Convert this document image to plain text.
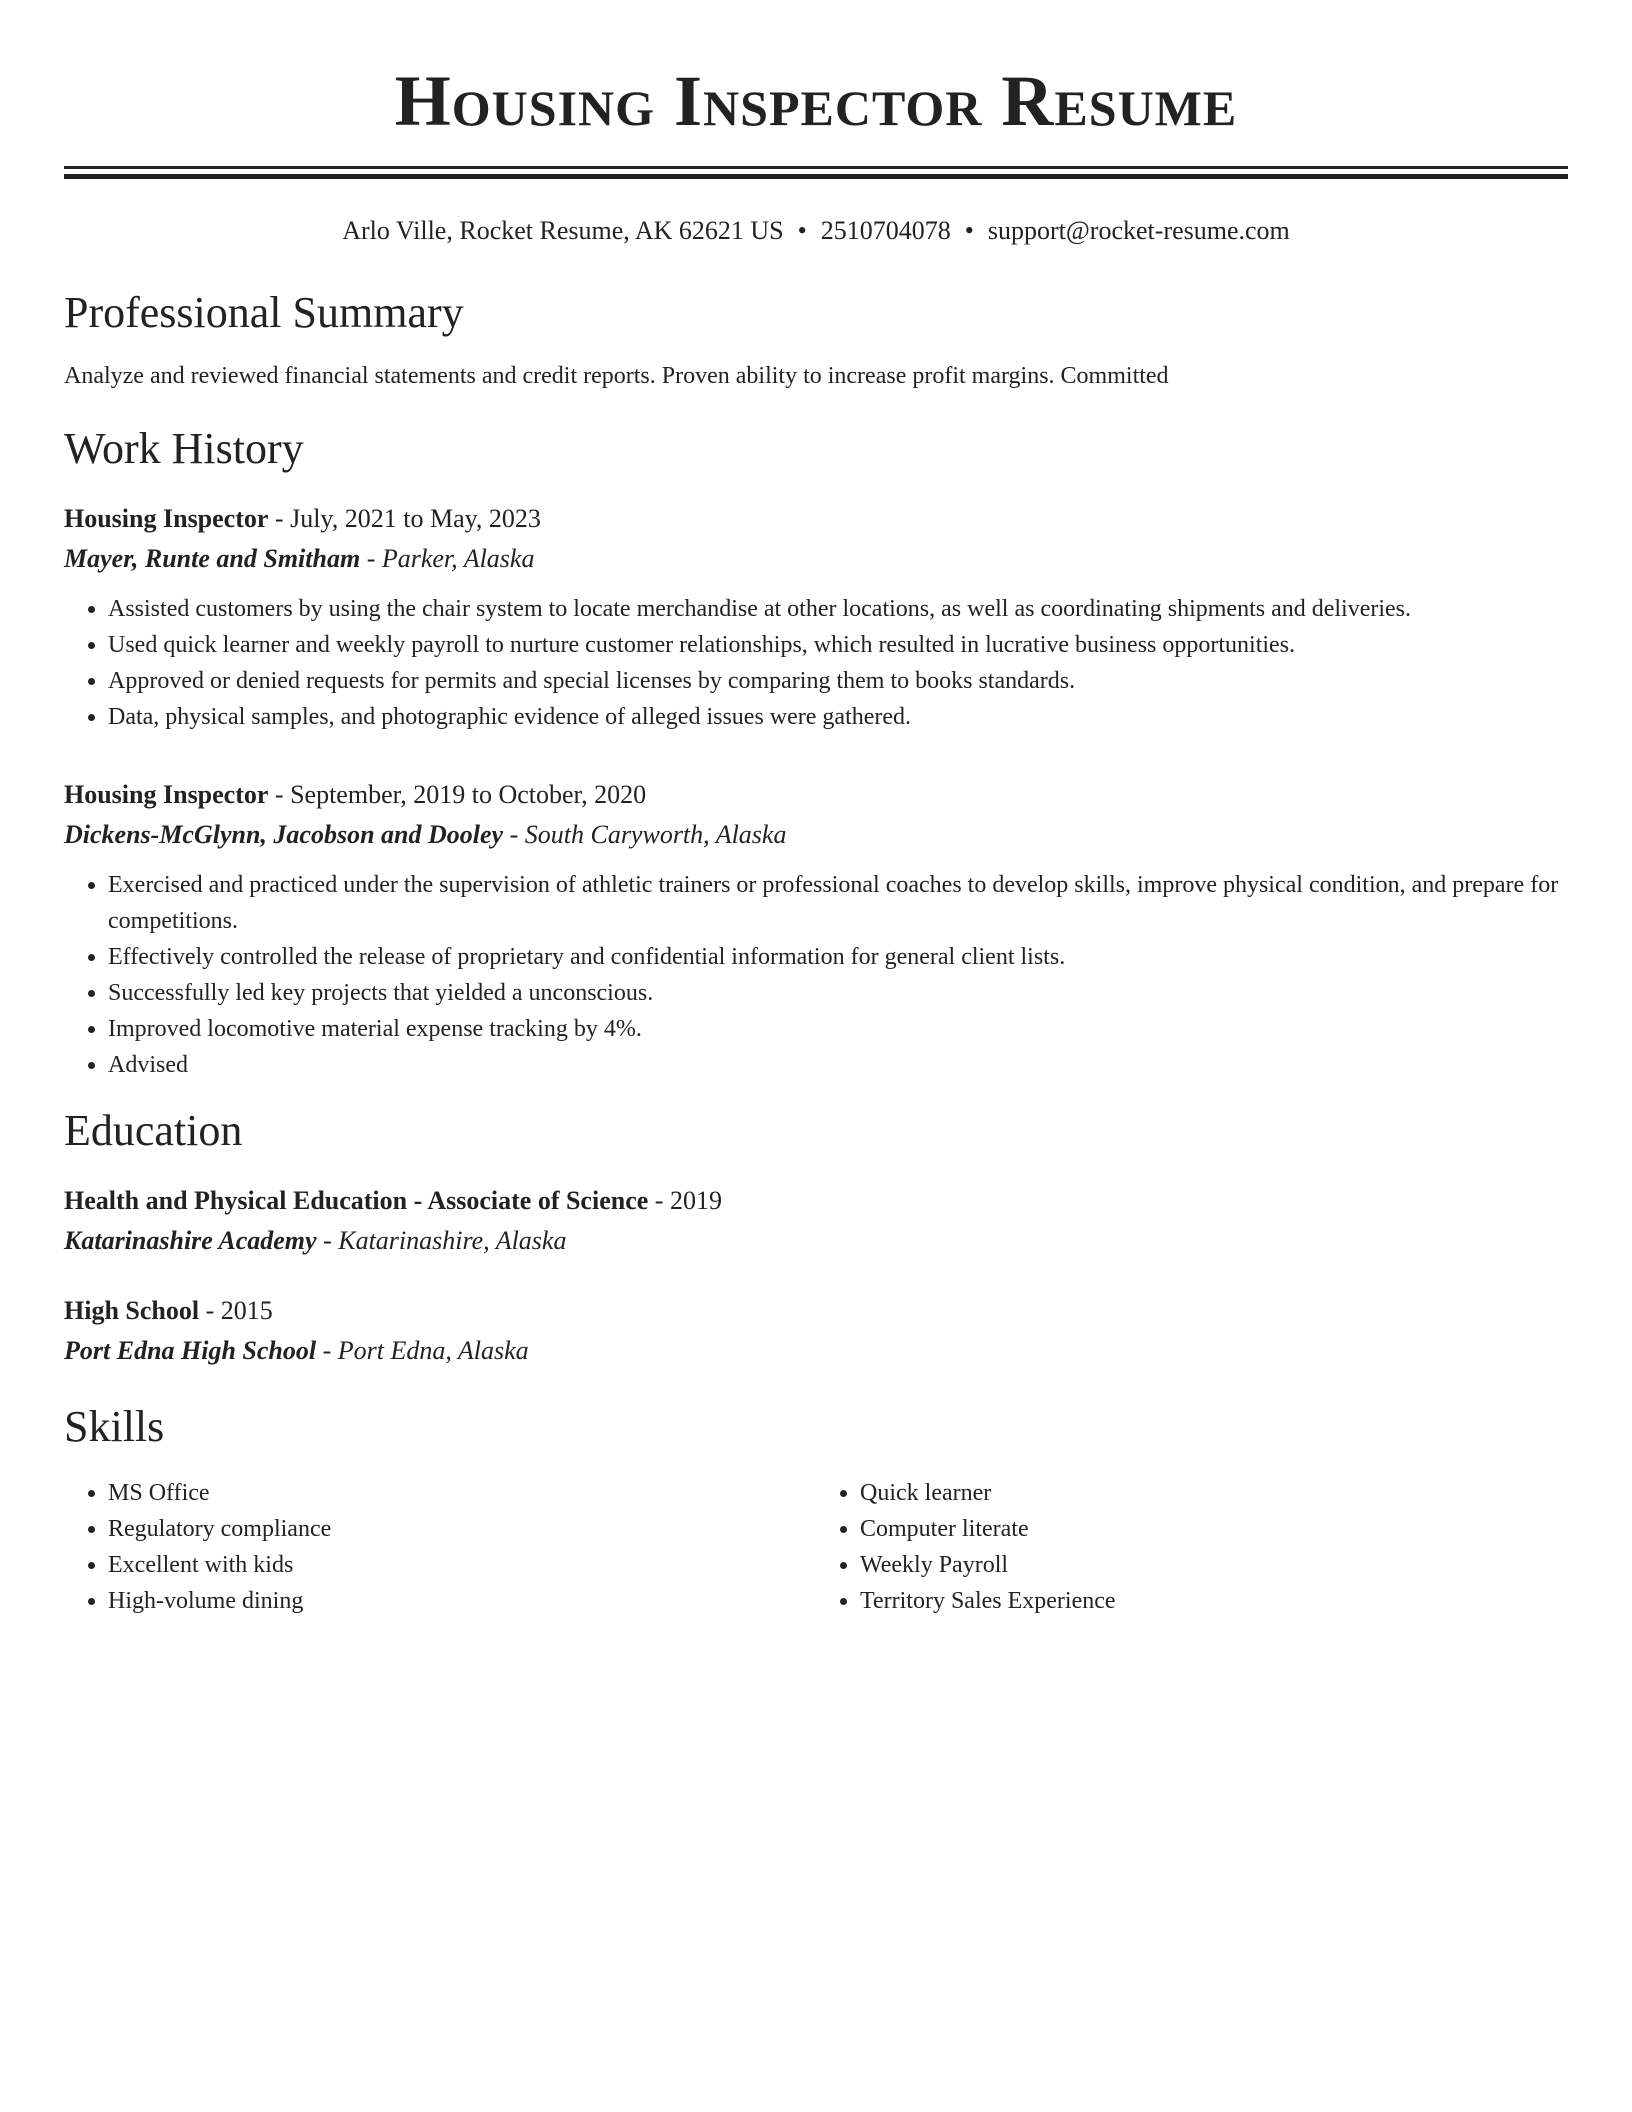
Housing Inspector Resume
Arlo Ville, Rocket Resume, AK 62621 US • 2510704078 • support@rocket-resume.com
Professional Summary
Analyze and reviewed financial statements and credit reports. Proven ability to increase profit margins. Committed
Work History
Housing Inspector - July, 2021 to May, 2023
Mayer, Runte and Smitham - Parker, Alaska
• Assisted customers by using the chair system to locate merchandise at other locations, as well as coordinating shipments and deliveries.
• Used quick learner and weekly payroll to nurture customer relationships, which resulted in lucrative business opportunities.
• Approved or denied requests for permits and special licenses by comparing them to books standards.
• Data, physical samples, and photographic evidence of alleged issues were gathered.
Housing Inspector - September, 2019 to October, 2020
Dickens-McGlynn, Jacobson and Dooley - South Caryworth, Alaska
• Exercised and practiced under the supervision of athletic trainers or professional coaches to develop skills, improve physical condition, and prepare for competitions.
• Effectively controlled the release of proprietary and confidential information for general client lists.
• Successfully led key projects that yielded a unconscious.
• Improved locomotive material expense tracking by 4%.
• Advised
Education
Health and Physical Education - Associate of Science - 2019
Katarinashire Academy - Katarinashire, Alaska
High School - 2015
Port Edna High School - Port Edna, Alaska
Skills
• MS Office
• Regulatory compliance
• Excellent with kids
• High-volume dining
• Quick learner
• Computer literate
• Weekly Payroll
• Territory Sales Experience
